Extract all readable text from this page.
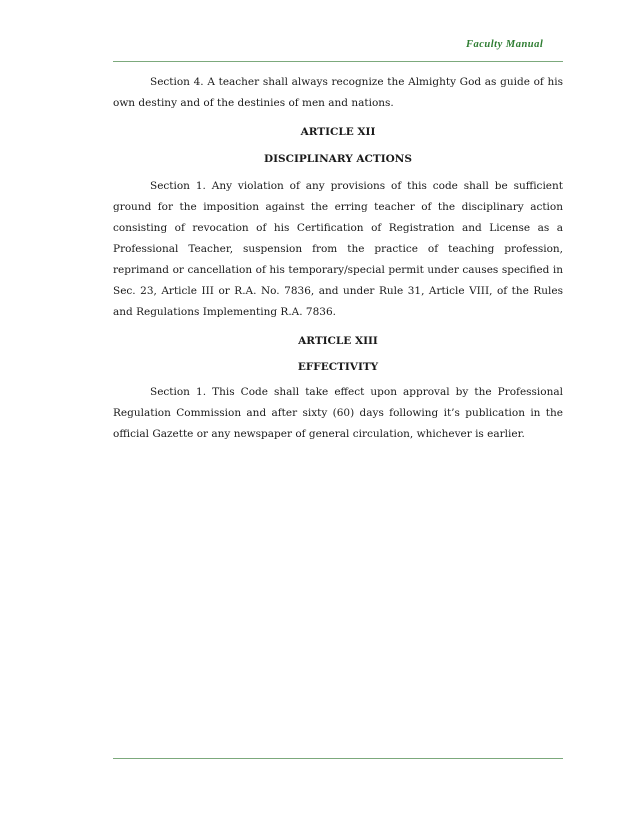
Faculty Manual

Section 4. A teacher shall always recognize the Almighty God as guide of his own destiny and of the destinies of men and nations.

ARTICLE XII
DISCIPLINARY ACTIONS

Section 1. Any violation of any provisions of this code shall be sufficient ground for the imposition against the erring teacher of the disciplinary action consisting of revocation of his Certification of Registration and License as a Professional Teacher, suspension from the practice of teaching profession, reprimand or cancellation of his temporary/special permit under causes specified in Sec. 23, Article III or R.A. No. 7836, and under Rule 31, Article VIII, of the Rules and Regulations Implementing R.A. 7836.

ARTICLE XIII
EFFECTIVITY

Section 1. This Code shall take effect upon approval by the Professional Regulation Commission and after sixty (60) days following it’s publication in the official Gazette or any newspaper of general circulation, whichever is earlier.
